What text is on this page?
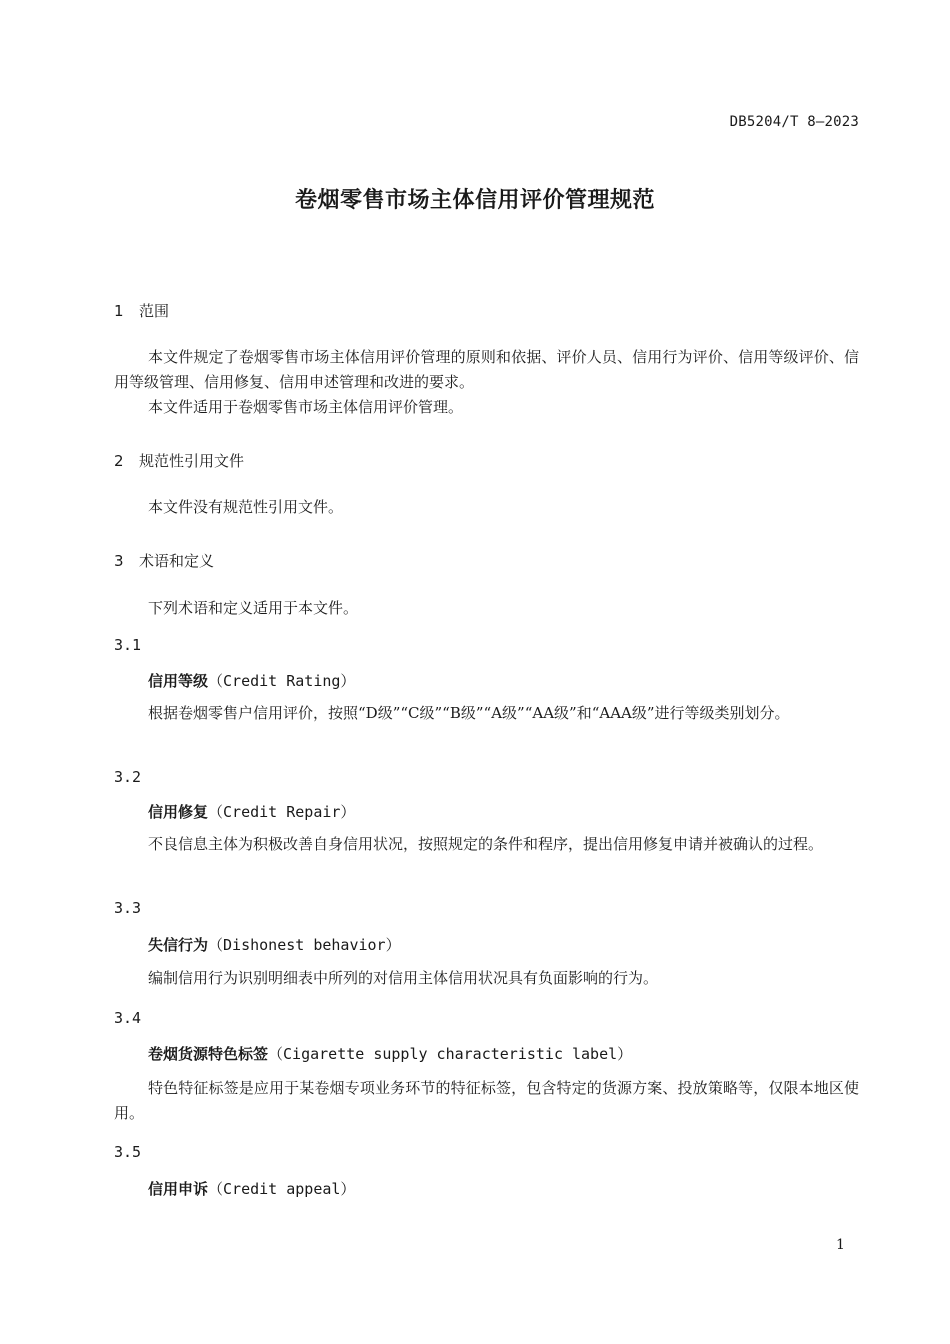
DB5204/T 8—2023
卷烟零售市场主体信用评价管理规范
1 范围
本文件规定了卷烟零售市场主体信用评价管理的原则和依据、评价人员、信用行为评价、信用等级评价、信用等级管理、信用修复、信用申述管理和改进的要求。
本文件适用于卷烟零售市场主体信用评价管理。
2 规范性引用文件
本文件没有规范性引用文件。
3 术语和定义
下列术语和定义适用于本文件。
3.1
信用等级（Credit Rating）
根据卷烟零售户信用评价，按照“D级”“C级”“B级”“A级”“AA级”和“AAA级”进行等级类别划分。
3.2
信用修复（Credit Repair）
不良信息主体为积极改善自身信用状况，按照规定的条件和程序，提出信用修复申请并被确认的过程。
3.3
失信行为（Dishonest behavior）
编制信用行为识别明细表中所列的对信用主体信用状况具有负面影响的行为。
3.4
卷烟货源特色标签（Cigarette supply characteristic label）
特色特征标签是应用于某卷烟专项业务环节的特征标签，包含特定的货源方案、投放策略等，仅限本地区使用。
3.5
信用申诉（Credit appeal）
1
